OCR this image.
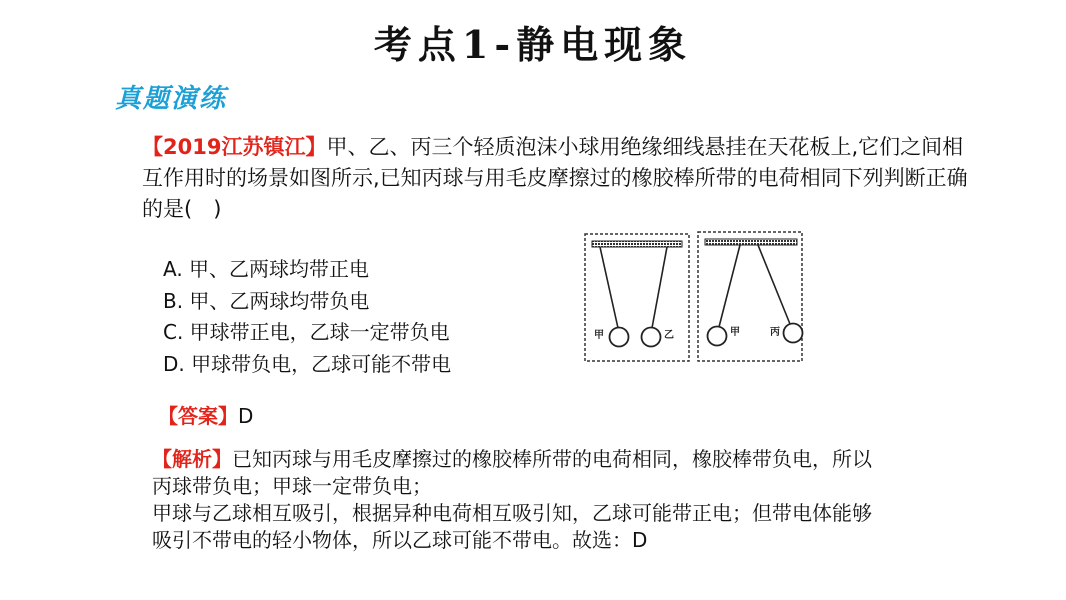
考点1-静电现象
真题演练
【2019江苏镇江】甲、乙、丙三个轻质泡沫小球用绝缘细线悬挂在天花板上,它们之间相互作用时的场景如图所示,已知丙球与用毛皮摩擦过的橡胶棒所带的电荷相同下列判断正确的是(　)
A. 甲、乙两球均带正电
B. 甲、乙两球均带负电
C. 甲球带正电，乙球一定带负电
D. 甲球带负电，乙球可能不带电
甲	乙	甲	丙
【答案】D
【解析】已知丙球与用毛皮摩擦过的橡胶棒所带的电荷相同，橡胶棒带负电，所以
丙球带负电；甲球一定带负电；
甲球与乙球相互吸引，根据异种电荷相互吸引知，乙球可能带正电；但带电体能够
吸引不带电的轻小物体，所以乙球可能不带电。故选：D
